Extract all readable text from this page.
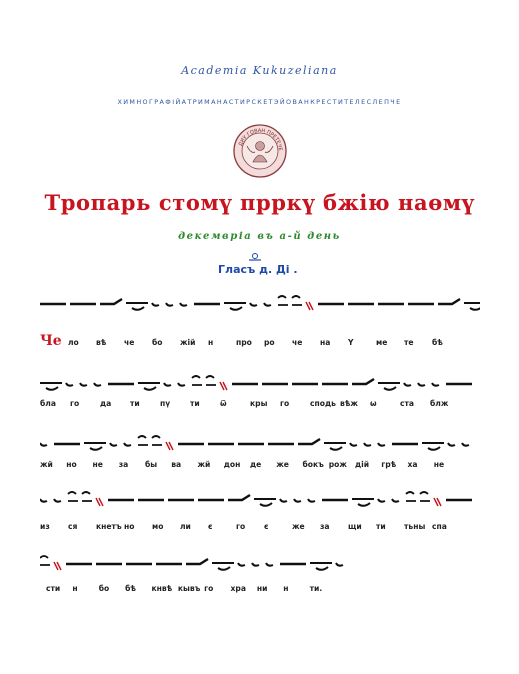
Academia Kukuzeliana
ХИМНОГРАФІЙАТРИМАНАСТИРСКЕТЭЙОВАНКРЕСТИТЕЛЕСЛЕПЧЕ
ДИУ ГОВАН ПРЕТЕЧЕ
Тропарь стомү прркү бжію наөмү
декемвріа въ а-й день
Гласъ д. Ді .
Че ло вѣ че бо жій н	про ро че на Ү	ме те бѣ
бла го	да ти	пү	ти	ѿ	кры го	сподь вѣж ѡ	ста блж
жй но не за бы ва жй дон де же бокъ рож дій грѣ ха не
из ся кнетъ но мо ли є	го є	же за щи ти тьны спа
сти н	бо бѣ кнвѣ кывъ го хра ни н	ти.
